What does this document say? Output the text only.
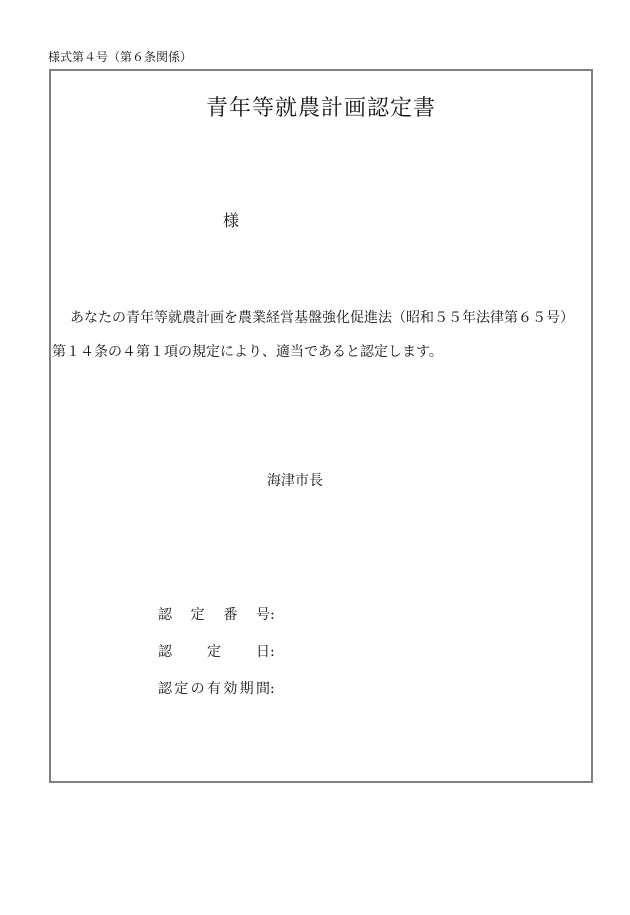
様式第４号（第６条関係）
青年等就農計画認定書
様
あなたの青年等就農計画を農業経営基盤強化促進法（昭和５５年法律第６５号）
第１４条の４第１項の規定により、適当であると認定します。
海津市長
認定番号:
認定日:
認定の有効期間:
